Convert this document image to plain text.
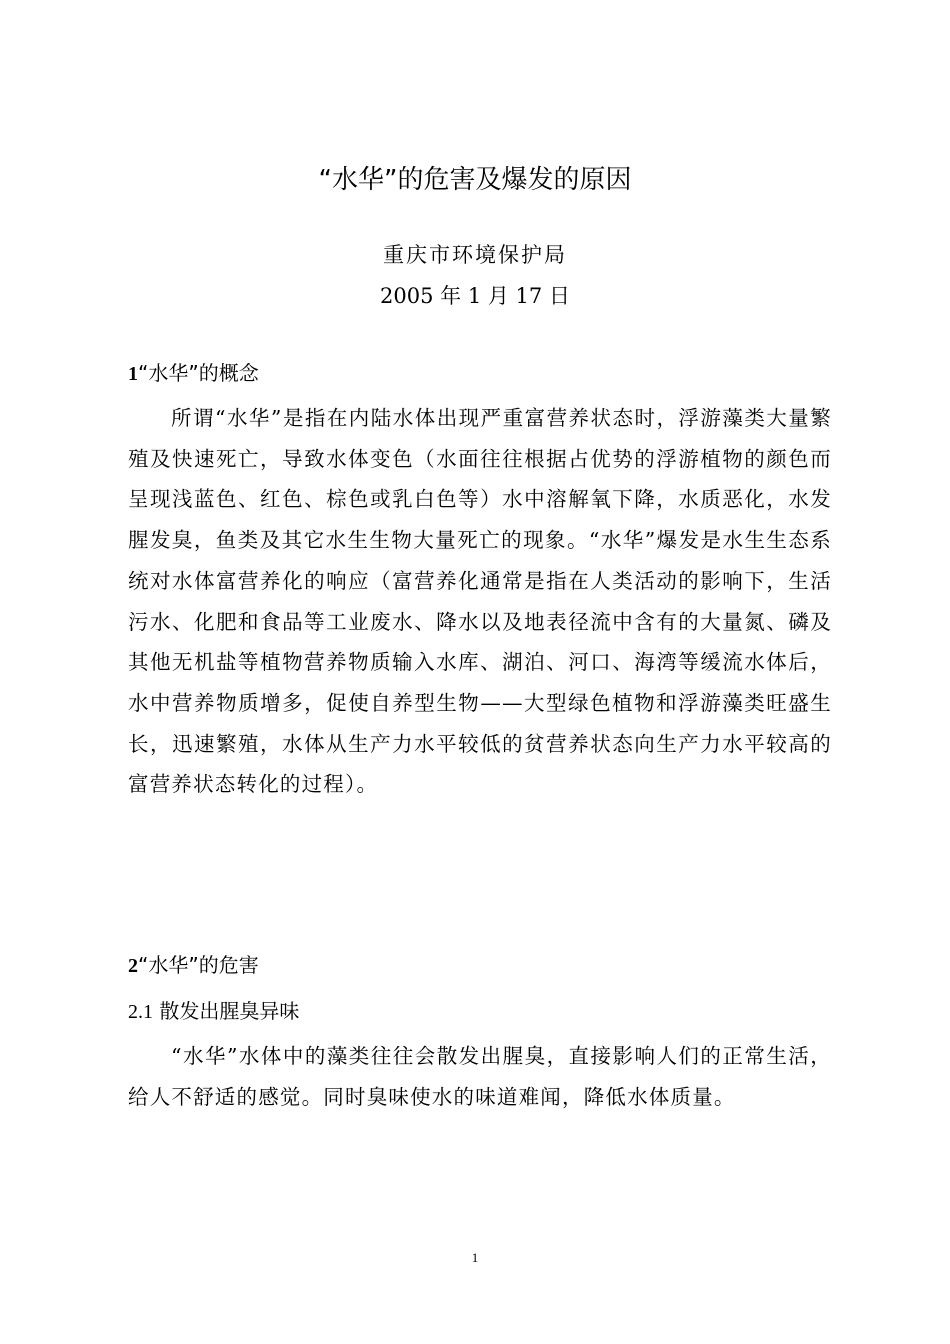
“水华”的危害及爆发的原因
重庆市环境保护局
2005 年 1 月 17 日
1“水华”的概念

所谓“水华”是指在内陆水体出现严重富营养状态时，浮游藻类大量繁殖及快速死亡，导致水体变色（水面往往根据占优势的浮游植物的颜色而呈现浅蓝色、红色、棕色或乳白色等）水中溶解氧下降，水质恶化，水发腥发臭，鱼类及其它水生生物大量死亡的现象。“水华”爆发是水生生态系统对水体富营养化的响应（富营养化通常是指在人类活动的影响下，生活污水、化肥和食品等工业废水、降水以及地表径流中含有的大量氮、磷及其他无机盐等植物营养物质输入水库、湖泊、河口、海湾等缓流水体后，水中营养物质增多，促使自养型生物——大型绿色植物和浮游藻类旺盛生长，迅速繁殖，水体从生产力水平较低的贫营养状态向生产力水平较高的富营养状态转化的过程）。

2“水华”的危害
2.1 散发出腥臭异味

“水华”水体中的藻类往往会散发出腥臭，直接影响人们的正常生活，给人不舒适的感觉。同时臭味使水的味道难闻，降低水体质量。

1
